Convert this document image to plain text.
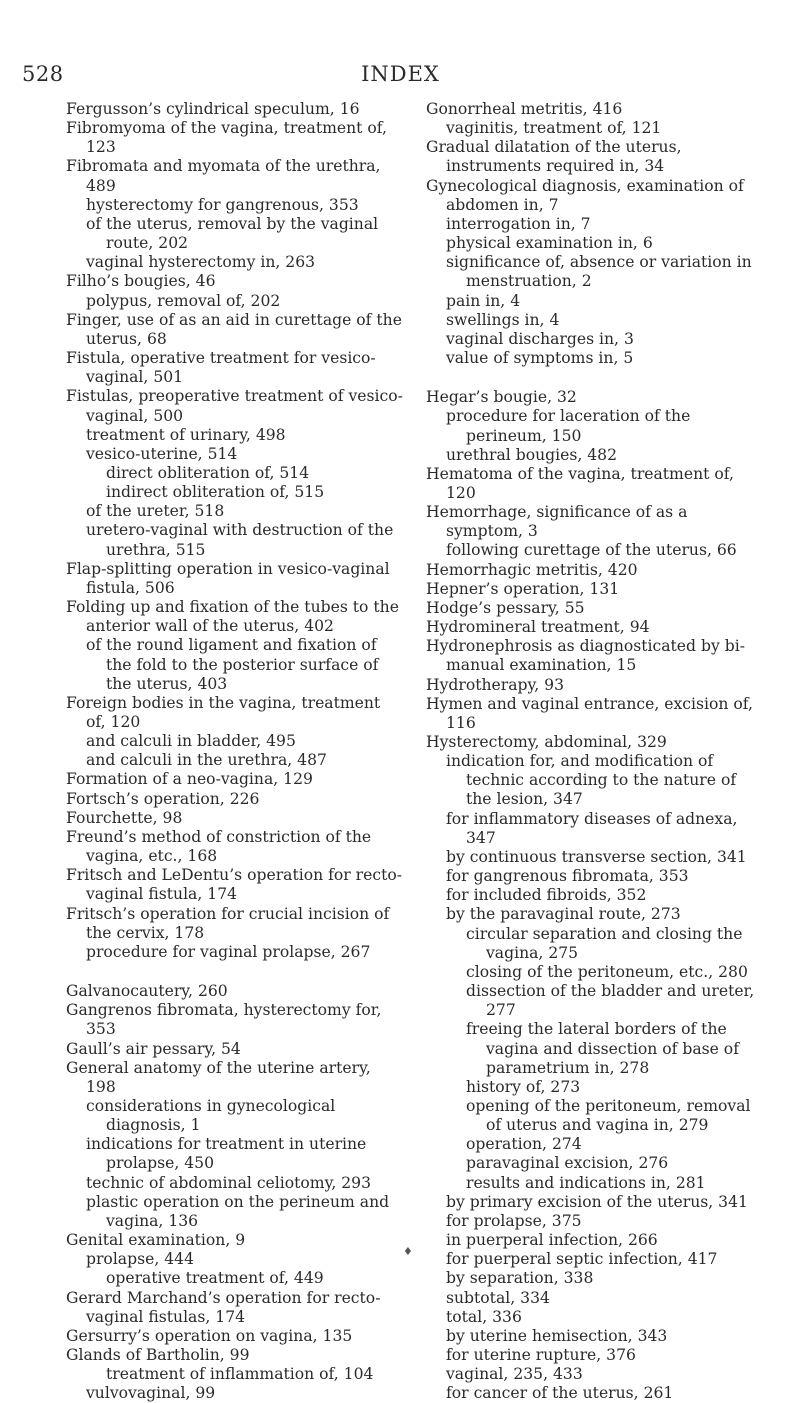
528	INDEX
Fergusson’s cylindrical speculum, 16
Fibromyoma of the vagina, treatment of, 123
Fibromata and myomata of the urethra, 489
hysterectomy for gangrenous, 353
of the uterus, removal by the vaginal route, 202
vaginal hysterectomy in, 263
Filho’s bougies, 46
polypus, removal of, 202
Finger, use of as an aid in curettage of the uterus, 68
Fistula, operative treatment for vesico-vaginal, 501
Fistulas, preoperative treatment of vesico-vaginal, 500
treatment of urinary, 498
vesico-uterine, 514
direct obliteration of, 514
indirect obliteration of, 515
of the ureter, 518
uretero-vaginal with destruction of the urethra, 515
Flap-splitting operation in vesico-vaginal fistula, 506
Folding up and fixation of the tubes to the anterior wall of the uterus, 402
of the round ligament and fixation of the fold to the posterior surface of the uterus, 403
Foreign bodies in the vagina, treatment of, 120
and calculi in bladder, 495
and calculi in the urethra, 487
Formation of a neo-vagina, 129
Fortsch’s operation, 226
Fourchette, 98
Freund’s method of constriction of the vagina, etc., 168
Fritsch and LeDentu’s operation for recto-vaginal fistula, 174
Fritsch’s operation for crucial incision of the cervix, 178
procedure for vaginal prolapse, 267
Galvanocautery, 260
Gangrenos fibromata, hysterectomy for, 353
Gaull’s air pessary, 54
General anatomy of the uterine artery, 198
considerations in gynecological diagnosis, 1
indications for treatment in uterine prolapse, 450
technic of abdominal celiotomy, 293
plastic operation on the perineum and vagina, 136
Genital examination, 9
prolapse, 444
operative treatment of, 449
Gerard Marchand’s operation for recto-vaginal fistulas, 174
Gersurry’s operation on vagina, 135
Glands of Bartholin, 99
treatment of inflammation of, 104
vulvovaginal, 99
Gonorrheal metritis, 416
vaginitis, treatment of, 121
Gradual dilatation of the uterus, instruments required in, 34
Gynecological diagnosis, examination of abdomen in, 7
interrogation in, 7
physical examination in, 6
significance of, absence or variation in menstruation, 2
pain in, 4
swellings in, 4
vaginal discharges in, 3
value of symptoms in, 5
Hegar’s bougie, 32
procedure for laceration of the perineum, 150
urethral bougies, 482
Hematoma of the vagina, treatment of, 120
Hemorrhage, significance of as a symptom, 3
following curettage of the uterus, 66
Hemorrhagic metritis, 420
Hepner’s operation, 131
Hodge’s pessary, 55
Hydromineral treatment, 94
Hydronephrosis as diagnosticated by bi-manual examination, 15
Hydrotherapy, 93
Hymen and vaginal entrance, excision of, 116
Hysterectomy, abdominal, 329
indication for, and modification of technic according to the nature of the lesion, 347
for inflammatory diseases of adnexa, 347
by continuous transverse section, 341
for gangrenous fibromata, 353
for included fibroids, 352
by the paravaginal route, 273
circular separation and closing the vagina, 275
closing of the peritoneum, etc., 280
dissection of the bladder and ureter, 277
freeing the lateral borders of the vagina and dissection of base of parametrium in, 278
history of, 273
opening of the peritoneum, removal of uterus and vagina in, 279
operation, 274
paravaginal excision, 276
results and indications in, 281
by primary excision of the uterus, 341
for prolapse, 375
in puerperal infection, 266
for puerperal septic infection, 417
by separation, 338
subtotal, 334
total, 336
by uterine hemisection, 343
for uterine rupture, 376
vaginal, 235, 433
for cancer of the uterus, 261
♦
